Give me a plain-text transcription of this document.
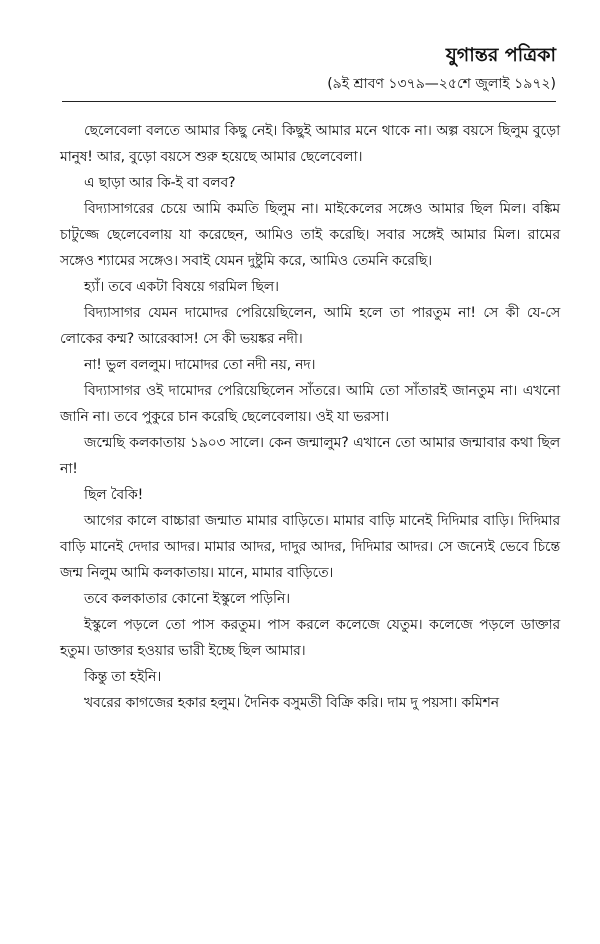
যুগান্তর পত্রিকা
(৯ই শ্রাবণ ১৩৭৯—২৫শে জুলাই ১৯৭২)

ছেলেবেলা বলতে আমার কিছু নেই। কিছুই আমার মনে থাকে না। অল্প বয়সে ছিলুম বুড়ো মানুষ! আর, বুড়ো বয়সে শুরু হয়েছে আমার ছেলেবেলা।

এ ছাড়া আর কি-ই বা বলব?

বিদ্যাসাগরের চেয়ে আমি কমতি ছিলুম না। মাইকেলের সঙ্গেও আমার ছিল মিল। বঙ্কিম চাটুজ্জে ছেলেবেলায় যা করেছেন, আমিও তাই করেছি। সবার সঙ্গেই আমার মিল। রামের সঙ্গেও শ্যামের সঙ্গেও। সবাই যেমন দুষ্টুমি করে, আমিও তেমনি করেছি।

হ্যাঁ। তবে একটা বিষয়ে গরমিল ছিল।

বিদ্যাসাগর যেমন দামোদর পেরিয়েছিলেন, আমি হলে তা পারতুম না! সে কী যে-সে লোকের কম্ম? আরেব্বাস! সে কী ভয়ঙ্কর নদী।

না! ভুল বললুম। দামোদর তো নদী নয়, নদ।

বিদ্যাসাগর ওই দামোদর পেরিয়েছিলেন সাঁতরে। আমি তো সাঁতারই জানতুম না। এখনো জানি না। তবে পুকুরে চান করেছি ছেলেবেলায়। ওই যা ভরসা।

জন্মেছি কলকাতায় ১৯০৩ সালে। কেন জন্মালুম? এখানে তো আমার জন্মাবার কথা ছিল না!

ছিল বৈকি!

আগের কালে বাচ্চারা জন্মাত মামার বাড়িতে। মামার বাড়ি মানেই দিদিমার বাড়ি। দিদিমার বাড়ি মানেই দেদার আদর। মামার আদর, দাদুর আদর, দিদিমার আদর। সে জন্যেই ভেবে চিন্তে জন্ম নিলুম আমি কলকাতায়। মানে, মামার বাড়িতে।

তবে কলকাতার কোনো ইস্কুলে পড়িনি।

ইস্কুলে পড়লে তো পাস করতুম। পাস করলে কলেজে যেতুম। কলেজে পড়লে ডাক্তার হতুম। ডাক্তার হওয়ার ভারী ইচ্ছে ছিল আমার।

কিন্তু তা হইনি।

খবরের কাগজের হকার হলুম। দৈনিক বসুমতী বিক্রি করি। দাম দু পয়সা। কমিশন
